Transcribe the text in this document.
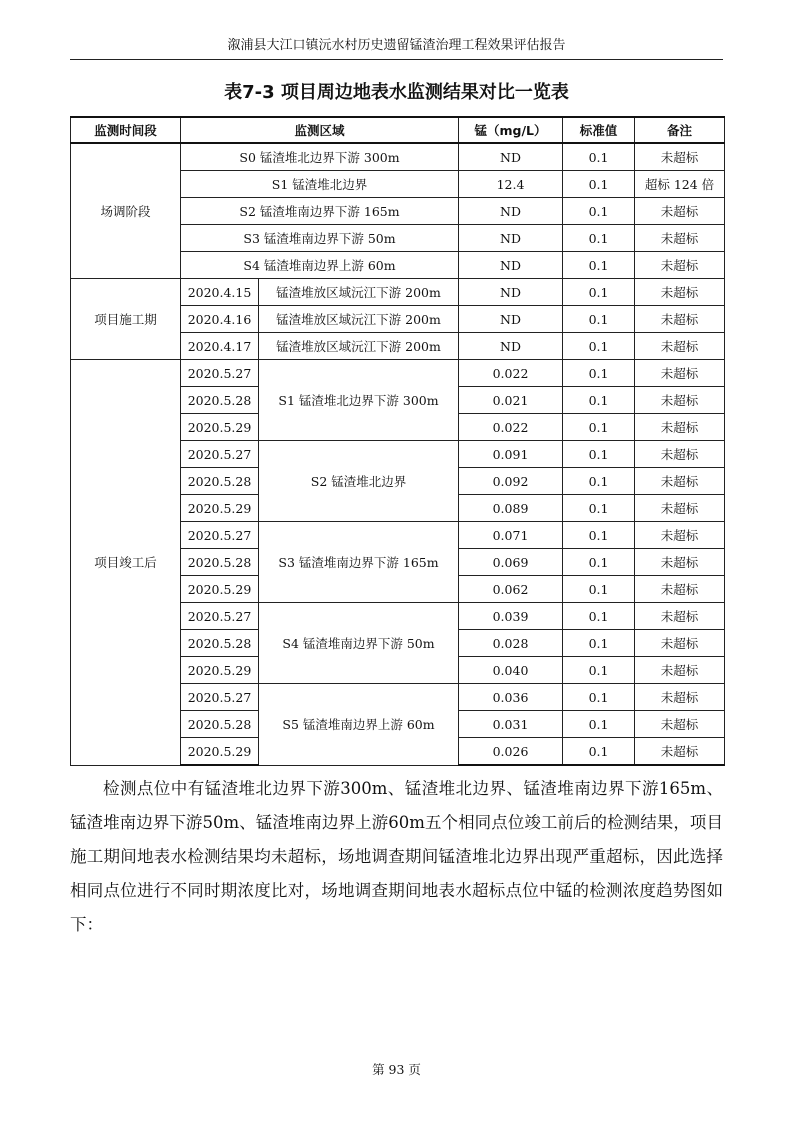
溆浦县大江口镇沅水村历史遗留锰渣治理工程效果评估报告
表7-3 项目周边地表水监测结果对比一览表
监测时间段	监测区域		锰（mg/L）	标准值	备注
场调阶段	S0 锰渣堆北边界下游 300m		ND	0.1	未超标
	S1 锰渣堆北边界		12.4	0.1	超标 124 倍
	S2 锰渣堆南边界下游 165m		ND	0.1	未超标
	S3 锰渣堆南边界下游 50m		ND	0.1	未超标
	S4 锰渣堆南边界上游 60m		ND	0.1	未超标
项目施工期	2020.4.15	锰渣堆放区域沅江下游 200m	ND	0.1	未超标
	2020.4.16	锰渣堆放区域沅江下游 200m	ND	0.1	未超标
	2020.4.17	锰渣堆放区域沅江下游 200m	ND	0.1	未超标
项目竣工后	2020.5.27	S1 锰渣堆北边界下游 300m	0.022	0.1	未超标
	2020.5.28		0.021	0.1	未超标
	2020.5.29		0.022	0.1	未超标
	2020.5.27	S2 锰渣堆北边界	0.091	0.1	未超标
	2020.5.28		0.092	0.1	未超标
	2020.5.29		0.089	0.1	未超标
	2020.5.27	S3 锰渣堆南边界下游 165m	0.071	0.1	未超标
	2020.5.28		0.069	0.1	未超标
	2020.5.29		0.062	0.1	未超标
	2020.5.27	S4 锰渣堆南边界下游 50m	0.039	0.1	未超标
	2020.5.28		0.028	0.1	未超标
	2020.5.29		0.040	0.1	未超标
	2020.5.27	S5 锰渣堆南边界上游 60m	0.036	0.1	未超标
	2020.5.28		0.031	0.1	未超标
	2020.5.29		0.026	0.1	未超标
检测点位中有锰渣堆北边界下游300m、锰渣堆北边界、锰渣堆南边界下游165m、锰渣堆南边界下游50m、锰渣堆南边界上游60m五个相同点位竣工前后的检测结果，项目施工期间地表水检测结果均未超标，场地调查期间锰渣堆北边界出现严重超标，因此选择相同点位进行不同时期浓度比对，场地调查期间地表水超标点位中锰的检测浓度趋势图如下：
第 93 页
